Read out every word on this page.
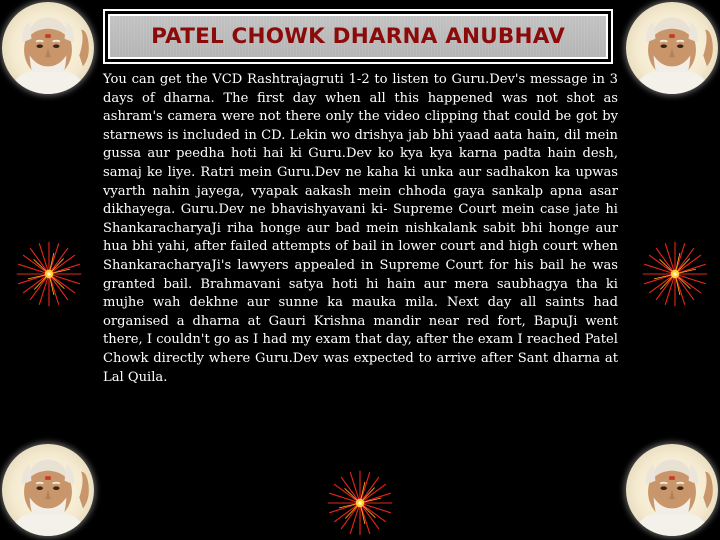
PATEL CHOWK DHARNA ANUBHAV

You can get the VCD Rashtrajagruti 1-2 to listen to Guru.Dev's message in 3 days of dharna. The first day when all this happened was not shot as ashram's camera were not there only the video clipping that could be got by starnews is included in CD. Lekin wo drishya jab bhi yaad aata hain, dil mein gussa aur peedha hoti hai ki Guru.Dev ko kya kya karna padta hain desh, samaj ke liye. Ratri mein Guru.Dev ne kaha ki unka aur sadhakon ka upwas vyarth nahin jayega, vyapak aakash mein chhoda gaya sankalp apna asar dikhayega. Guru.Dev ne bhavishyavani ki- Supreme Court mein case jate hi ShankaracharyaJi riha honge aur bad mein nishkalank sabit bhi honge aur hua bhi yahi, after failed attempts of bail in lower court and high court when ShankaracharyaJi's lawyers appealed in Supreme Court for his bail he was granted bail. Brahmavani satya hoti hi hain aur mera saubhagya tha ki mujhe wah dekhne aur sunne ka mauka mila. Next day all saints had organised a dharna at Gauri Krishna mandir near red fort, BapuJi went there, I couldn't go as I had my exam that day, after the exam I reached Patel Chowk directly where Guru.Dev was expected to arrive after Sant dharna at Lal Quila.
